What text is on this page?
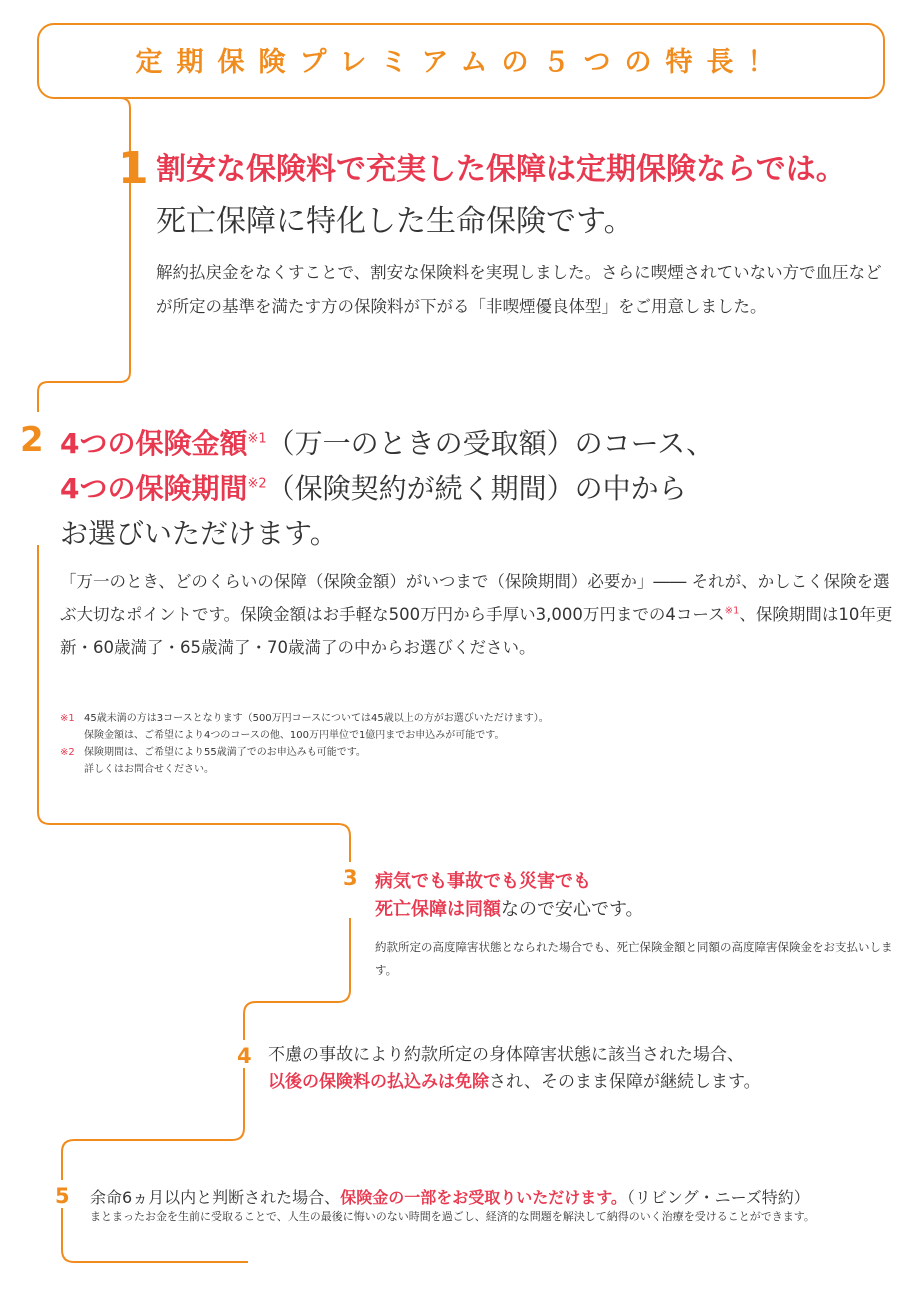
定期保険プレミアムの５つの特長！
1 割安な保険料で充実した保障は定期保険ならでは。
死亡保障に特化した生命保険です。
解約払戻金をなくすことで、割安な保険料を実現しました。さらに喫煙されていない方で血圧などが所定の基準を満たす方の保険料が下がる「非喫煙優良体型」をご用意しました。
2 4つの保険金額$^{※1}$（万一のときの受取額）のコース、
4つの保険期間$^{※2}$（保険契約が続く期間）の中から
お選びいただけます。
「万一のとき、どのくらいの保障（保険金額）がいつまで（保険期間）必要か」―― それが、かしこく保険を選ぶ大切なポイントです。保険金額はお手軽な500万円から手厚い3,000万円までの4コース$^{※1}$、保険期間は10年更新・60歳満了・65歳満了・70歳満了の中からお選びください。
※1 45歳未満の方は3コースとなります（500万円コースについては45歳以上の方がお選びいただけます）。
保険金額は、ご希望により4つのコースの他、100万円単位で1億円までお申込みが可能です。
※2 保険期間は、ご希望により55歳満了でのお申込みも可能です。
詳しくはお問合せください。
3 病気でも事故でも災害でも
死亡保障は同額なので安心です。
約款所定の高度障害状態となられた場合でも、死亡保険金額と同額の高度障害保険金をお支払いします。
4 不慮の事故により約款所定の身体障害状態に該当された場合、
以後の保険料の払込みは免除され、そのまま保障が継続します。
5 余命6ヵ月以内と判断された場合、保険金の一部をお受取りいただけます。（リビング・ニーズ特約）
まとまったお金を生前に受取ることで、人生の最後に悔いのない時間を過ごし、経済的な問題を解決して納得のいく治療を受けることができます。
